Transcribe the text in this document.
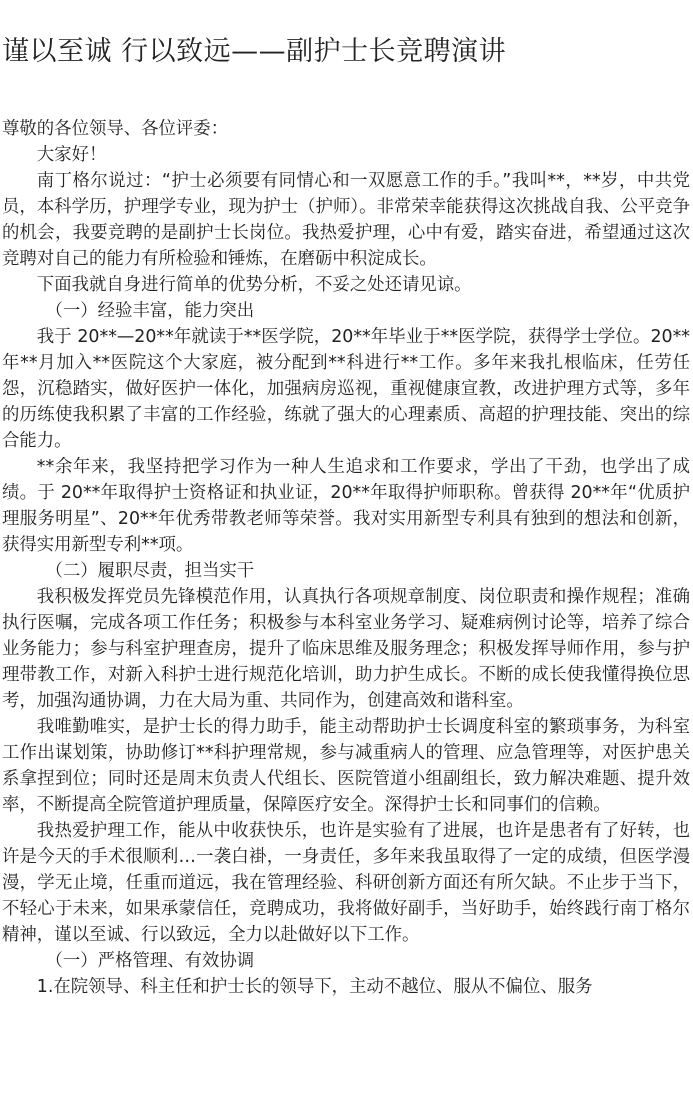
谨以至诚 行以致远——副护士长竞聘演讲

尊敬的各位领导、各位评委：

大家好！

南丁格尔说过：“护士必须要有同情心和一双愿意工作的手。”我叫**，**岁，中共党员，本科学历，护理学专业，现为护士（护师）。非常荣幸能获得这次挑战自我、公平竞争的机会，我要竞聘的是副护士长岗位。我热爱护理，心中有爱，踏实奋进，希望通过这次竞聘对自己的能力有所检验和锤炼，在磨砺中积淀成长。

下面我就自身进行简单的优势分析，不妥之处还请见谅。

（一）经验丰富，能力突出

我于 20**—20**年就读于**医学院，20**年毕业于**医学院，获得学士学位。20**年**月加入**医院这个大家庭，被分配到**科进行**工作。多年来我扎根临床，任劳任怨，沉稳踏实，做好医护一体化，加强病房巡视，重视健康宣教，改进护理方式等，多年的历练使我积累了丰富的工作经验，练就了强大的心理素质、高超的护理技能、突出的综合能力。

**余年来，我坚持把学习作为一种人生追求和工作要求，学出了干劲，也学出了成绩。于 20**年取得护士资格证和执业证，20**年取得护师职称。曾获得 20**年“优质护理服务明星”、20**年优秀带教老师等荣誉。我对实用新型专利具有独到的想法和创新，获得实用新型专利**项。

（二）履职尽责，担当实干

我积极发挥党员先锋模范作用，认真执行各项规章制度、岗位职责和操作规程；准确执行医嘱，完成各项工作任务；积极参与本科室业务学习、疑难病例讨论等，培养了综合业务能力；参与科室护理查房，提升了临床思维及服务理念；积极发挥导师作用，参与护理带教工作，对新入科护士进行规范化培训，助力护生成长。不断的成长使我懂得换位思考，加强沟通协调，力在大局为重、共同作为，创建高效和谐科室。

我唯勤唯实，是护士长的得力助手，能主动帮助护士长调度科室的繁琐事务，为科室工作出谋划策，协助修订**科护理常规，参与减重病人的管理、应急管理等，对医护患关系拿捏到位；同时还是周末负责人代组长、医院管道小组副组长，致力解决难题、提升效率，不断提高全院管道护理质量，保障医疗安全。深得护士长和同事们的信赖。

我热爱护理工作，能从中收获快乐，也许是实验有了进展，也许是患者有了好转，也许是今天的手术很顺利…一袭白褂，一身责任，多年来我虽取得了一定的成绩，但医学漫漫，学无止境，任重而道远，我在管理经验、科研创新方面还有所欠缺。不止步于当下，不轻心于未来，如果承蒙信任，竞聘成功，我将做好副手，当好助手，始终践行南丁格尔精神，谨以至诚、行以致远，全力以赴做好以下工作。

（一）严格管理、有效协调

1.在院领导、科主任和护士长的领导下，主动不越位、服从不偏位、服务
